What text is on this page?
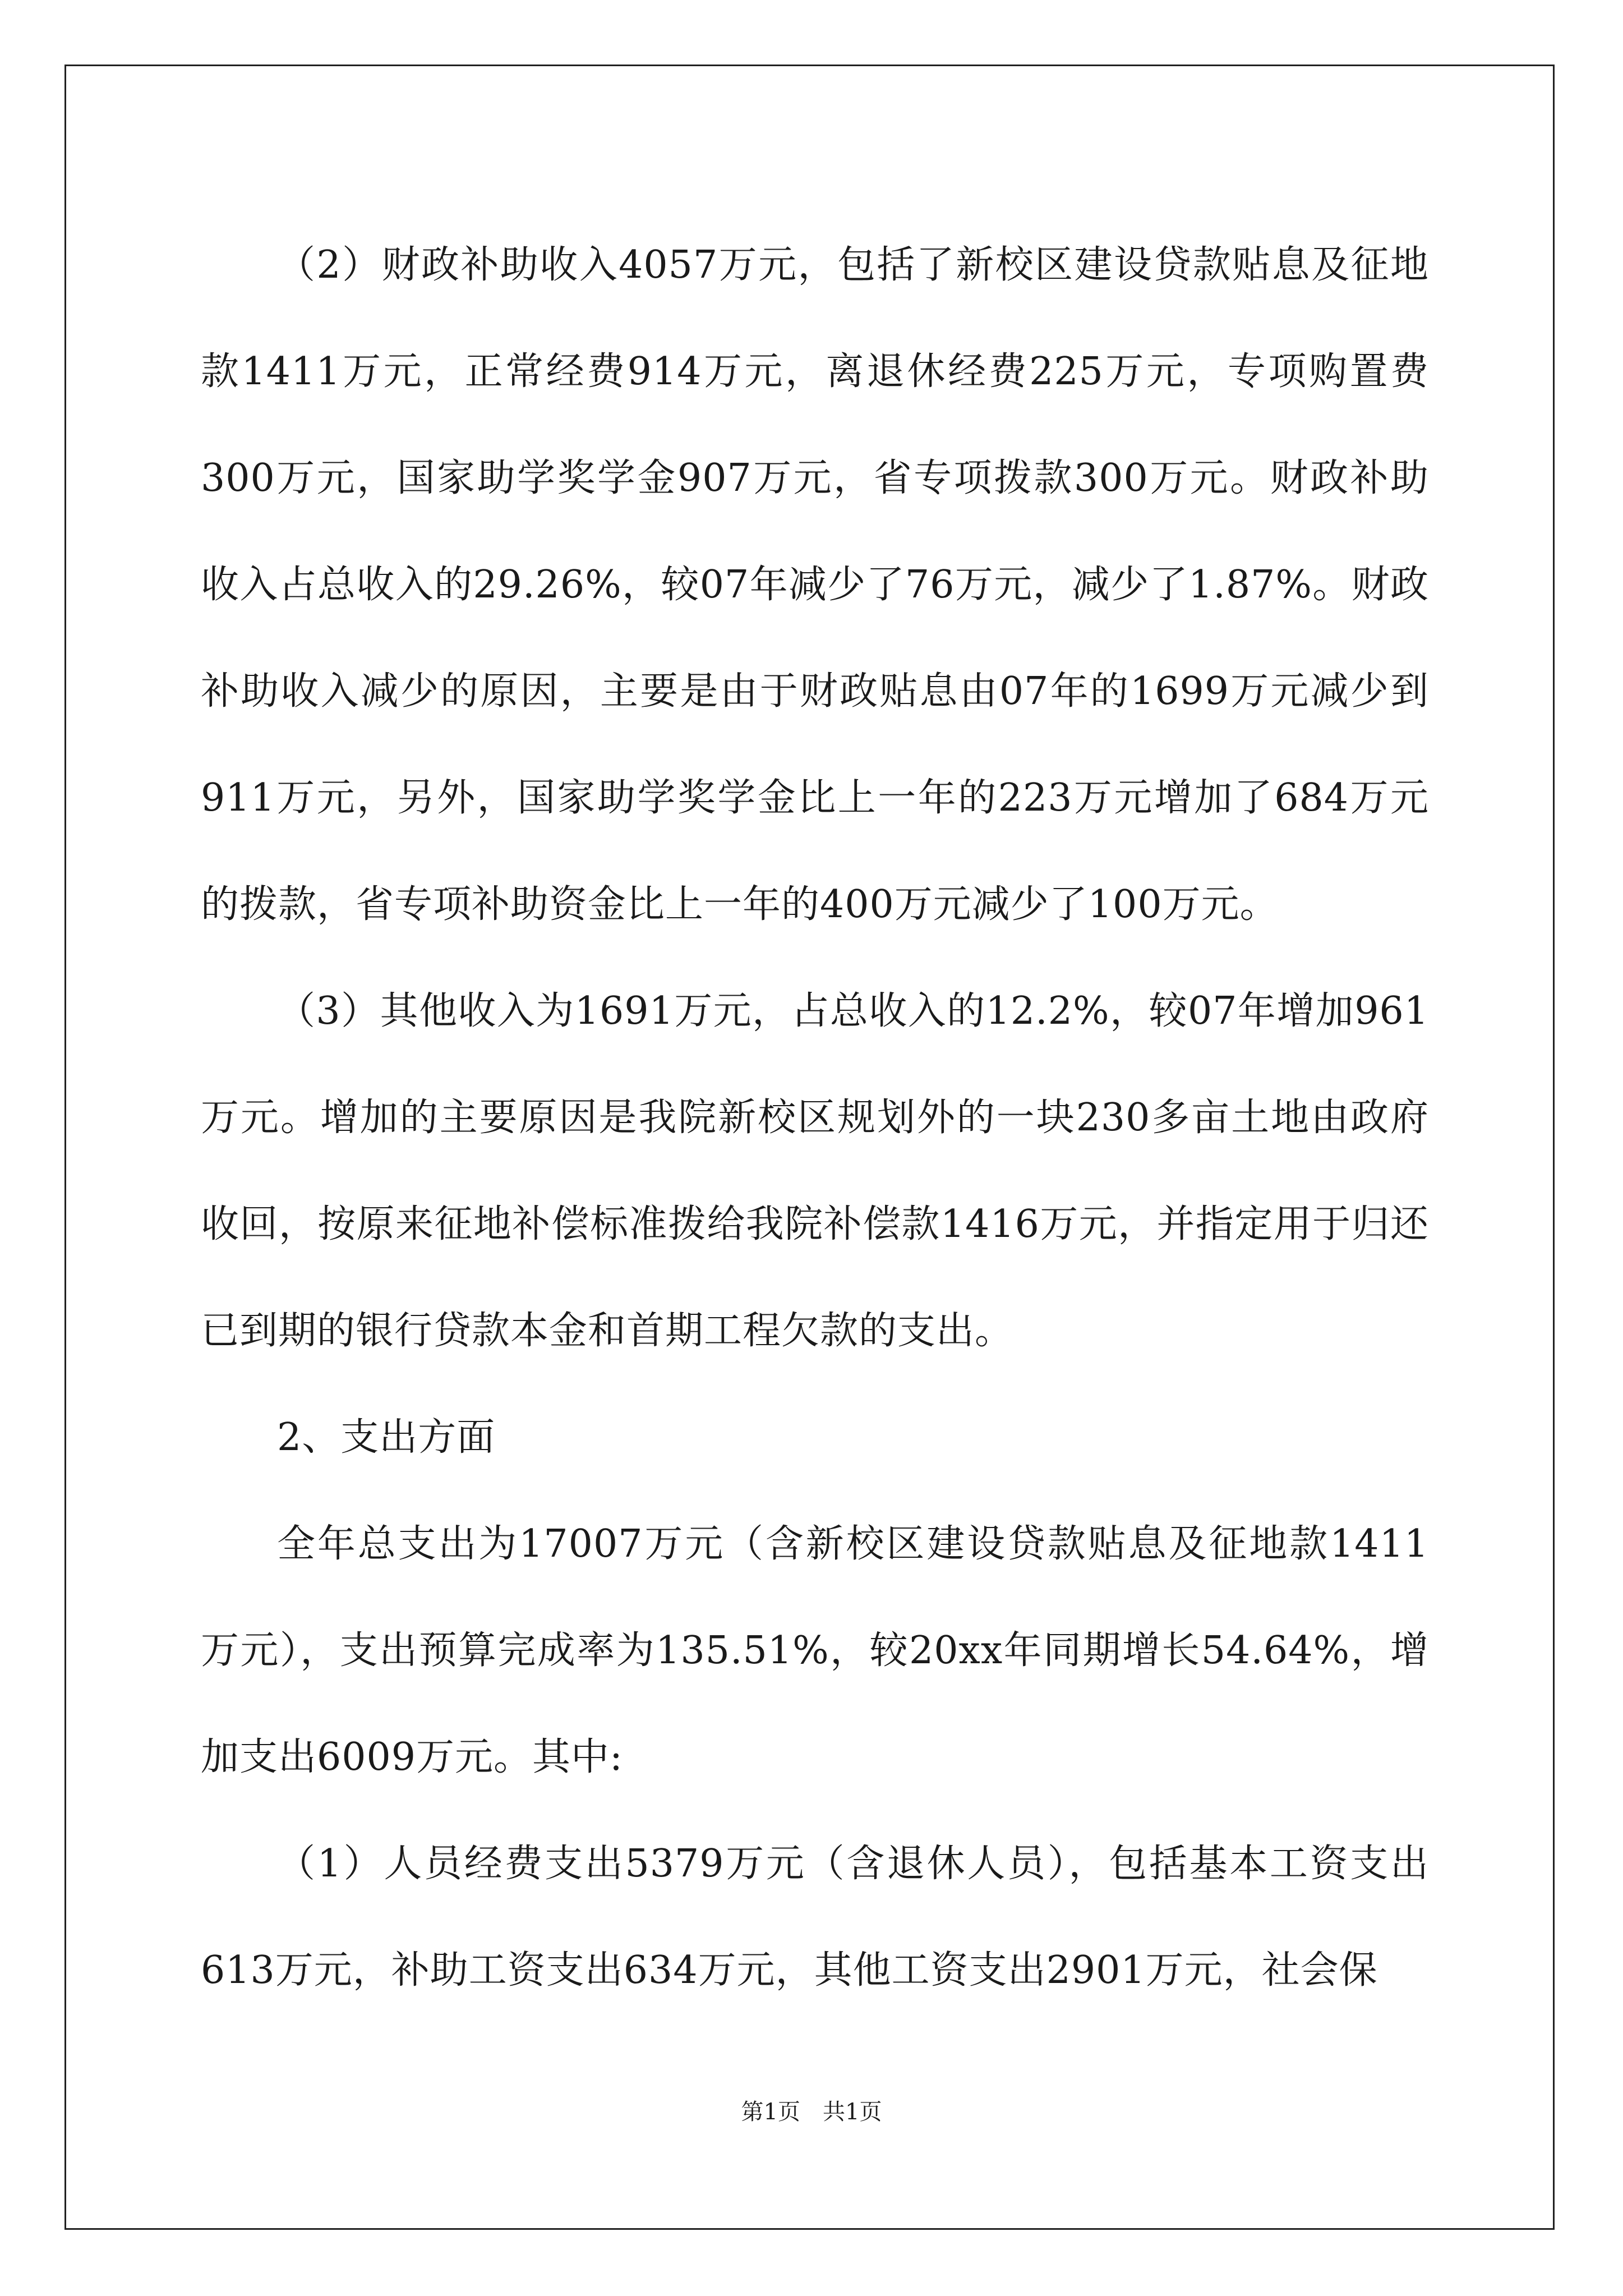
（2）财政补助收入4057万元，包括了新校区建设贷款贴息及征地款1411万元，正常经费914万元，离退休经费225万元，专项购置费300万元，国家助学奖学金907万元，省专项拨款300万元。财政补助收入占总收入的29.26%，较07年减少了76万元，减少了1.87%。财政补助收入减少的原因，主要是由于财政贴息由07年的1699万元减少到911万元，另外，国家助学奖学金比上一年的223万元增加了684万元的拨款，省专项补助资金比上一年的400万元减少了100万元。

（3）其他收入为1691万元，占总收入的12.2%，较07年增加961万元。增加的主要原因是我院新校区规划外的一块230多亩土地由政府收回，按原来征地补偿标准拨给我院补偿款1416万元，并指定用于归还已到期的银行贷款本金和首期工程欠款的支出。

2、支出方面

全年总支出为17007万元（含新校区建设贷款贴息及征地款1411万元），支出预算完成率为135.51%，较20xx年同期增长54.64%，增加支出6009万元。其中:

（1）人员经费支出5379万元（含退休人员），包括基本工资支出613万元，补助工资支出634万元，其他工资支出2901万元，社会保

第1页　共1页
